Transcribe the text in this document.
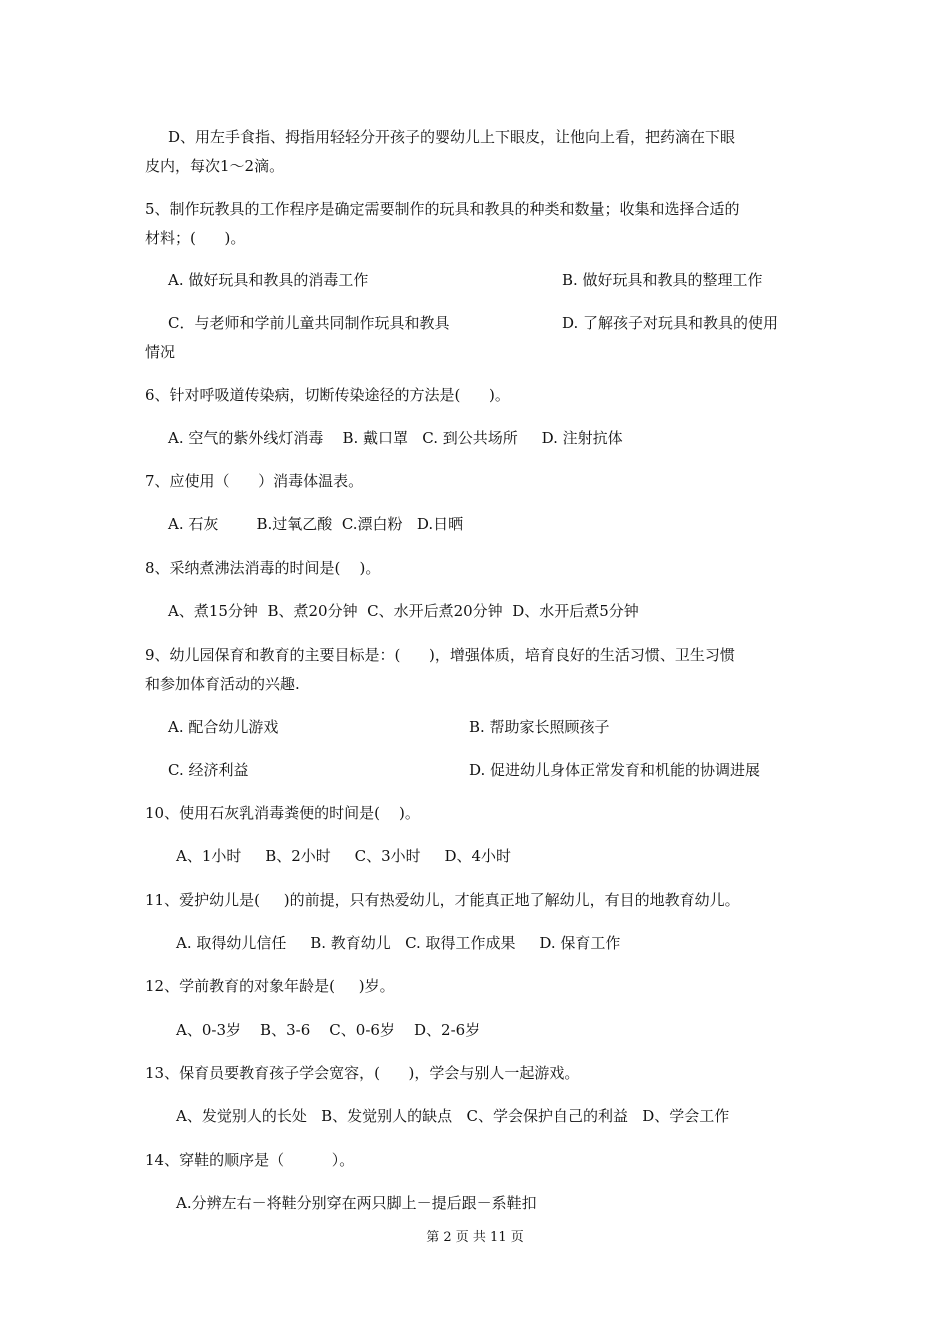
D、用左手食指、拇指用轻轻分开孩子的婴幼儿上下眼皮，让他向上看，把药滴在下眼

皮内，每次1～2滴。

5、制作玩教具的工作程序是确定需要制作的玩具和教具的种类和数量；收集和选择合适的

材料；(      )。

A. 做好玩具和教具的消毒工作	B. 做好玩具和教具的整理工作

C．与老师和学前儿童共同制作玩具和教具	D. 了解孩子对玩具和教具的使用

情况

6、针对呼吸道传染病，切断传染途径的方法是(      )。

A. 空气的紫外线灯消毒    B. 戴口罩   C. 到公共场所     D. 注射抗体

7、应使用（      ）消毒体温表。

A. 石灰        B.过氧乙酸  C.漂白粉   D.日晒

8、采纳煮沸法消毒的时间是(    )。

A、煮15分钟  B、煮20分钟  C、水开后煮20分钟  D、水开后煮5分钟

9、幼儿园保育和教育的主要目标是：(      )，增强体质，培育良好的生活习惯、卫生习惯

和参加体育活动的兴趣.

A. 配合幼儿游戏	B. 帮助家长照顾孩子

C. 经济利益	D. 促进幼儿身体正常发育和机能的协调进展

10、使用石灰乳消毒粪便的时间是(    )。

A、1小时     B、2小时     C、3小时     D、4小时

11、爱护幼儿是(     )的前提，只有热爱幼儿，才能真正地了解幼儿，有目的地教育幼儿。

A. 取得幼儿信任     B. 教育幼儿   C. 取得工作成果     D. 保育工作

12、学前教育的对象年龄是(     )岁。

A、0-3岁    B、3-6    C、0-6岁    D、2-6岁

13、保育员要教育孩子学会宽容，(      )，学会与别人一起游戏。

A、发觉别人的长处   B、发觉别人的缺点   C、学会保护自己的利益   D、学会工作

14、穿鞋的顺序是（          ）。

A.分辨左右－将鞋分别穿在两只脚上－提后跟－系鞋扣

第 2 页 共 11 页
